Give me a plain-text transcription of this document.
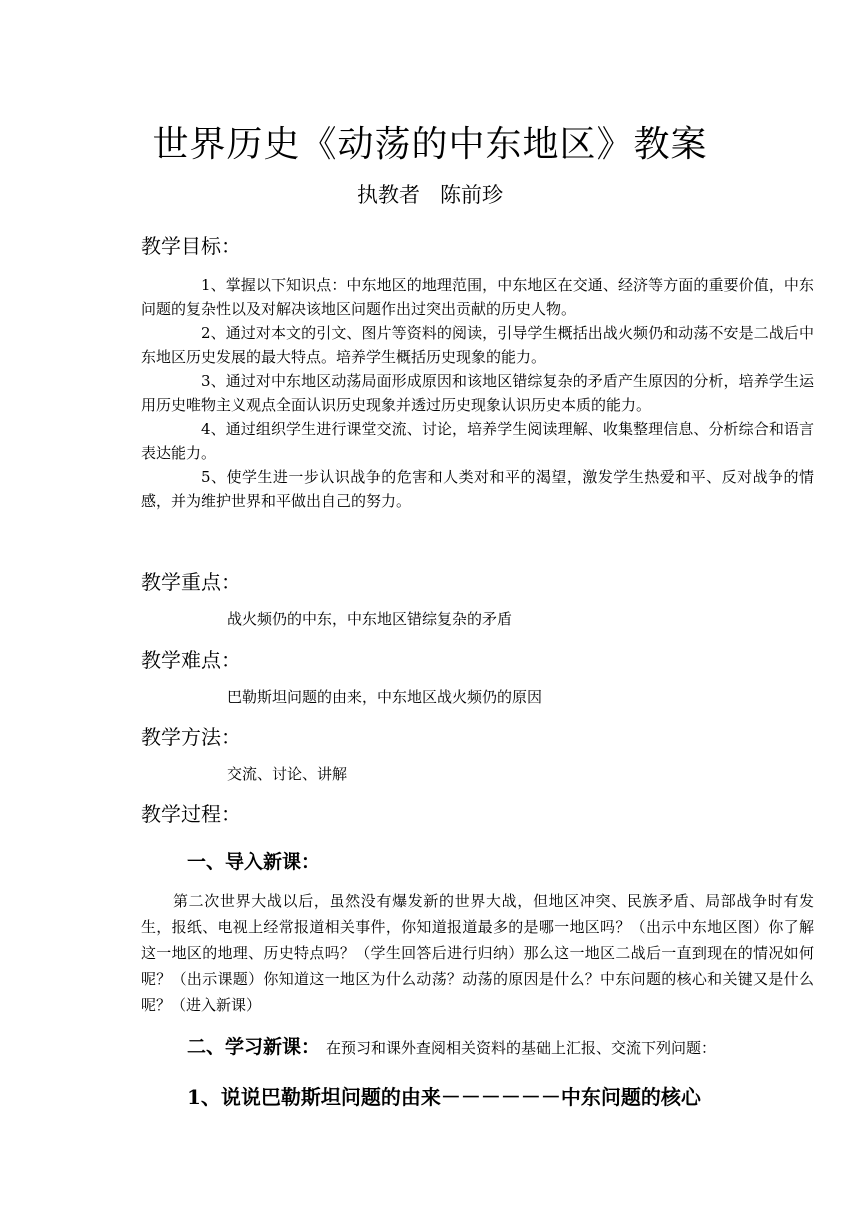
世界历史《动荡的中东地区》教案
执教者 陈前珍
教学目标：

1、掌握以下知识点：中东地区的地理范围，中东地区在交通、经济等方面的重要价值，中东问题的复杂性以及对解决该地区问题作出过突出贡献的历史人物。

2、通过对本文的引文、图片等资料的阅读，引导学生概括出战火频仍和动荡不安是二战后中东地区历史发展的最大特点。培养学生概括历史现象的能力。

3、通过对中东地区动荡局面形成原因和该地区错综复杂的矛盾产生原因的分析，培养学生运用历史唯物主义观点全面认识历史现象并透过历史现象认识历史本质的能力。

4、通过组织学生进行课堂交流、讨论，培养学生阅读理解、收集整理信息、分析综合和语言表达能力。

5、使学生进一步认识战争的危害和人类对和平的渴望，激发学生热爱和平、反对战争的情感，并为维护世界和平做出自己的努力。

教学重点：
战火频仍的中东，中东地区错综复杂的矛盾
教学难点：
巴勒斯坦问题的由来，中东地区战火频仍的原因
教学方法：
交流、讨论、讲解
教学过程：
一、导入新课：
第二次世界大战以后，虽然没有爆发新的世界大战，但地区冲突、民族矛盾、局部战争时有发生，报纸、电视上经常报道相关事件，你知道报道最多的是哪一地区吗？（出示中东地区图）你了解这一地区的地理、历史特点吗？（学生回答后进行归纳）那么这一地区二战后一直到现在的情况如何呢？（出示课题）你知道这一地区为什么动荡？动荡的原因是什么？中东问题的核心和关键又是什么呢？（进入新课）
二、学习新课： 在预习和课外查阅相关资料的基础上汇报、交流下列问题：
1、说说巴勒斯坦问题的由来－－－－－－中东问题的核心
